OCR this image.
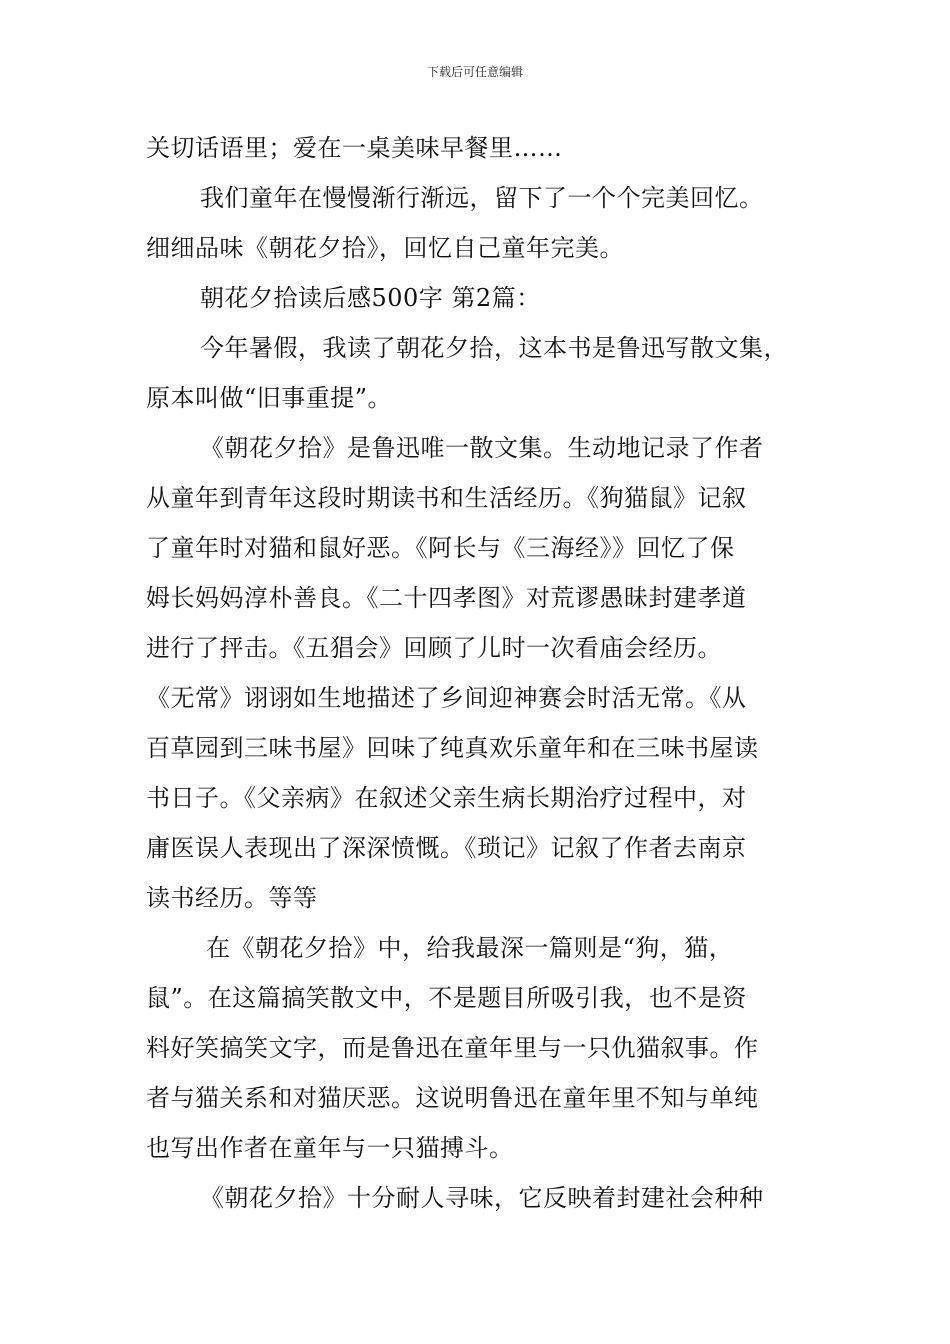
下载后可任意编辑
关切话语里；爱在一桌美味早餐里……
我们童年在慢慢渐行渐远，留下了一个个完美回忆。
细细品味《朝花夕拾》，回忆自己童年完美。
朝花夕拾读后感500字 第2篇：
今年暑假，我读了朝花夕拾，这本书是鲁迅写散文集，
原本叫做“旧事重提”。
《朝花夕拾》是鲁迅唯一散文集。生动地记录了作者
从童年到青年这段时期读书和生活经历。《狗猫鼠》记叙
了童年时对猫和鼠好恶。《阿长与《三海经》》回忆了保
姆长妈妈淳朴善良。《二十四孝图》对荒谬愚昧封建孝道
进行了抨击。《五猖会》回顾了儿时一次看庙会经历。
《无常》诩诩如生地描述了乡间迎神赛会时活无常。《从
百草园到三味书屋》回味了纯真欢乐童年和在三味书屋读
书日子。《父亲病》在叙述父亲生病长期治疗过程中，对
庸医误人表现出了深深愤慨。《琐记》记叙了作者去南京
读书经历。等等
在《朝花夕拾》中，给我最深一篇则是“狗，猫，
鼠”。在这篇搞笑散文中，不是题目所吸引我，也不是资
料好笑搞笑文字，而是鲁迅在童年里与一只仇猫叙事。作
者与猫关系和对猫厌恶。这说明鲁迅在童年里不知与单纯
也写出作者在童年与一只猫搏斗。
《朝花夕拾》十分耐人寻味，它反映着封建社会种种
